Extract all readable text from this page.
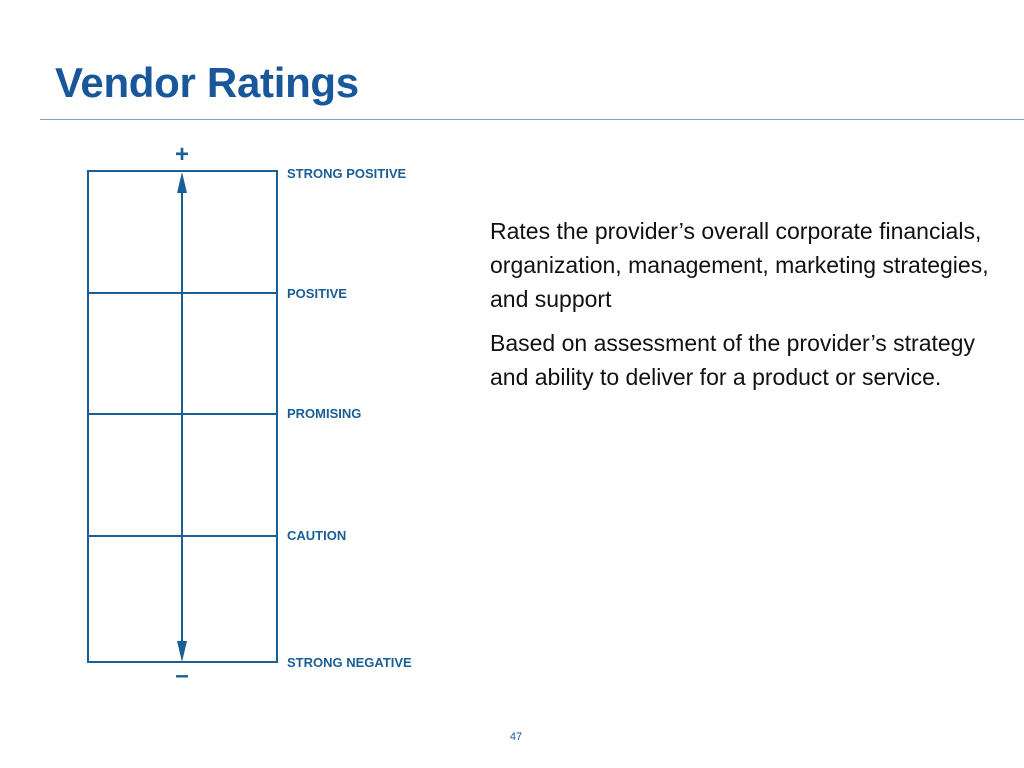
Vendor Ratings
+
–
STRONG POSITIVE
POSITIVE
PROMISING
CAUTION
STRONG NEGATIVE

Rates the provider’s overall corporate financials, organization, management, marketing strategies, and support

Based on assessment of the provider’s strategy and ability to deliver for a product or service.

47
